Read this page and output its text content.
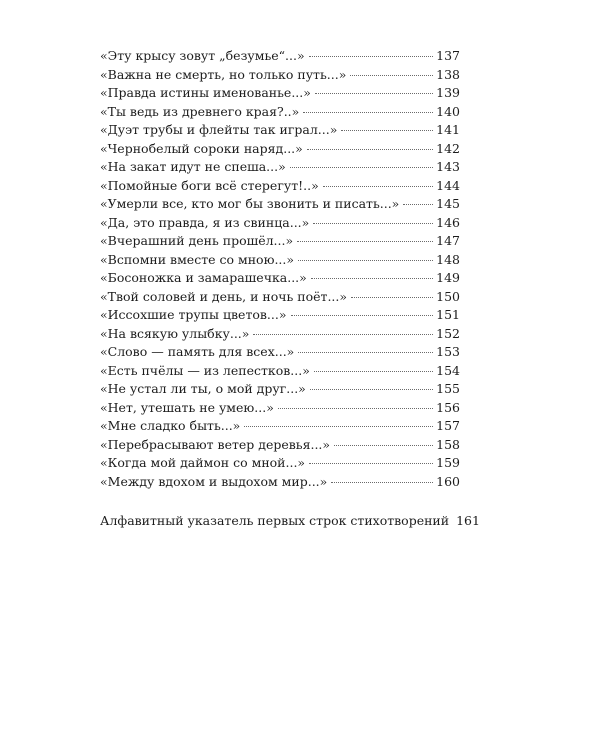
«Эту крысу зовут „безумье“...»	137
«Важна не смерть, но только путь...»	138
«Правда истины именованье...»	139
«Ты ведь из древнего края?..»	140
«Дуэт трубы и флейты так играл...»	141
«Чернобелый сороки наряд...»	142
«На закат идут не спеша...»	143
«Помойные боги всё стерегут!..»	144
«Умерли все, кто мог бы звонить и писать...»	145
«Да, это правда, я из свинца...»	146
«Вчерашний день прошёл...»	147
«Вспомни вместе со мною...»	148
«Босоножка и замарашечка...»	149
«Твой соловей и день, и ночь поёт...»	150
«Иссохшие трупы цветов...»	151
«На всякую улыбку...»	152
«Слово — память для всех...»	153
«Есть пчёлы — из лепестков...»	154
«Не устал ли ты, о мой друг...»	155
«Нет, утешать не умею...»	156
«Мне сладко быть...»	157
«Перебрасывают ветер деревья...»	158
«Когда мой даймон со мной...»	159
«Между вдохом и выдохом мир...»	160
Алфавитный указатель первых строк стихотворений 161
